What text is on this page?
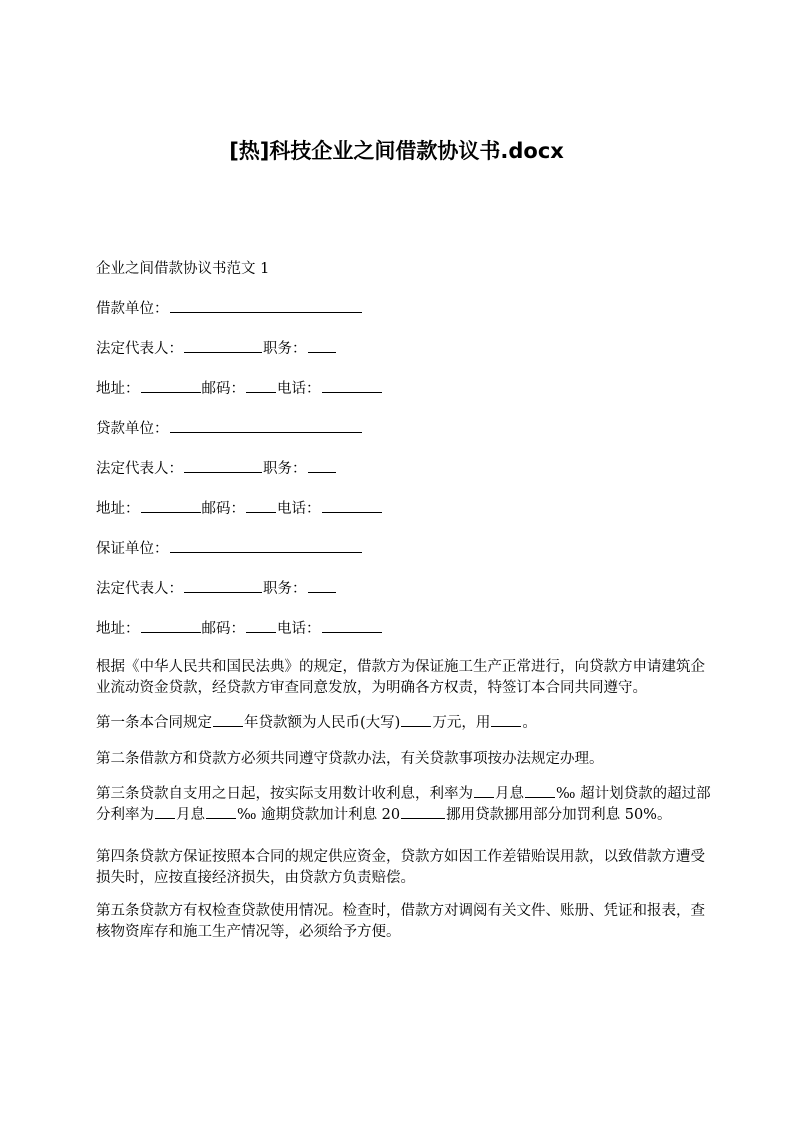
[热]科技企业之间借款协议书.docx

企业之间借款协议书范文 1

借款单位：

法定代表人：	职务：

地址：	邮码： 电话：

贷款单位：

法定代表人：	职务：

地址：	邮码： 电话：

保证单位：

法定代表人：	职务：

地址：	邮码： 电话：

根据《中华人民共和国民法典》的规定，借款方为保证施工生产正常进行，向贷款方申请建筑企业流动资金贷款，经贷款方审查同意发放，为明确各方权责，特签订本合同共同遵守。

第一条本合同规定 年贷款额为人民币(大写) 万元，用 。

第二条借款方和贷款方必须共同遵守贷款办法，有关贷款事项按办法规定办理。

第三条贷款自支用之日起，按实际支用数计收利息，利率为 月息 ‰ 超计划贷款的超过部分利率为 月息 ‰ 逾期贷款加计利息 20	挪用贷款挪用部分加罚利息 50%。

第四条贷款方保证按照本合同的规定供应资金，贷款方如因工作差错贻误用款，以致借款方遭受损失时，应按直接经济损失，由贷款方负责赔偿。

第五条贷款方有权检查贷款使用情况。检查时，借款方对调阅有关文件、账册、凭证和报表，查核物资库存和施工生产情况等，必须给予方便。
